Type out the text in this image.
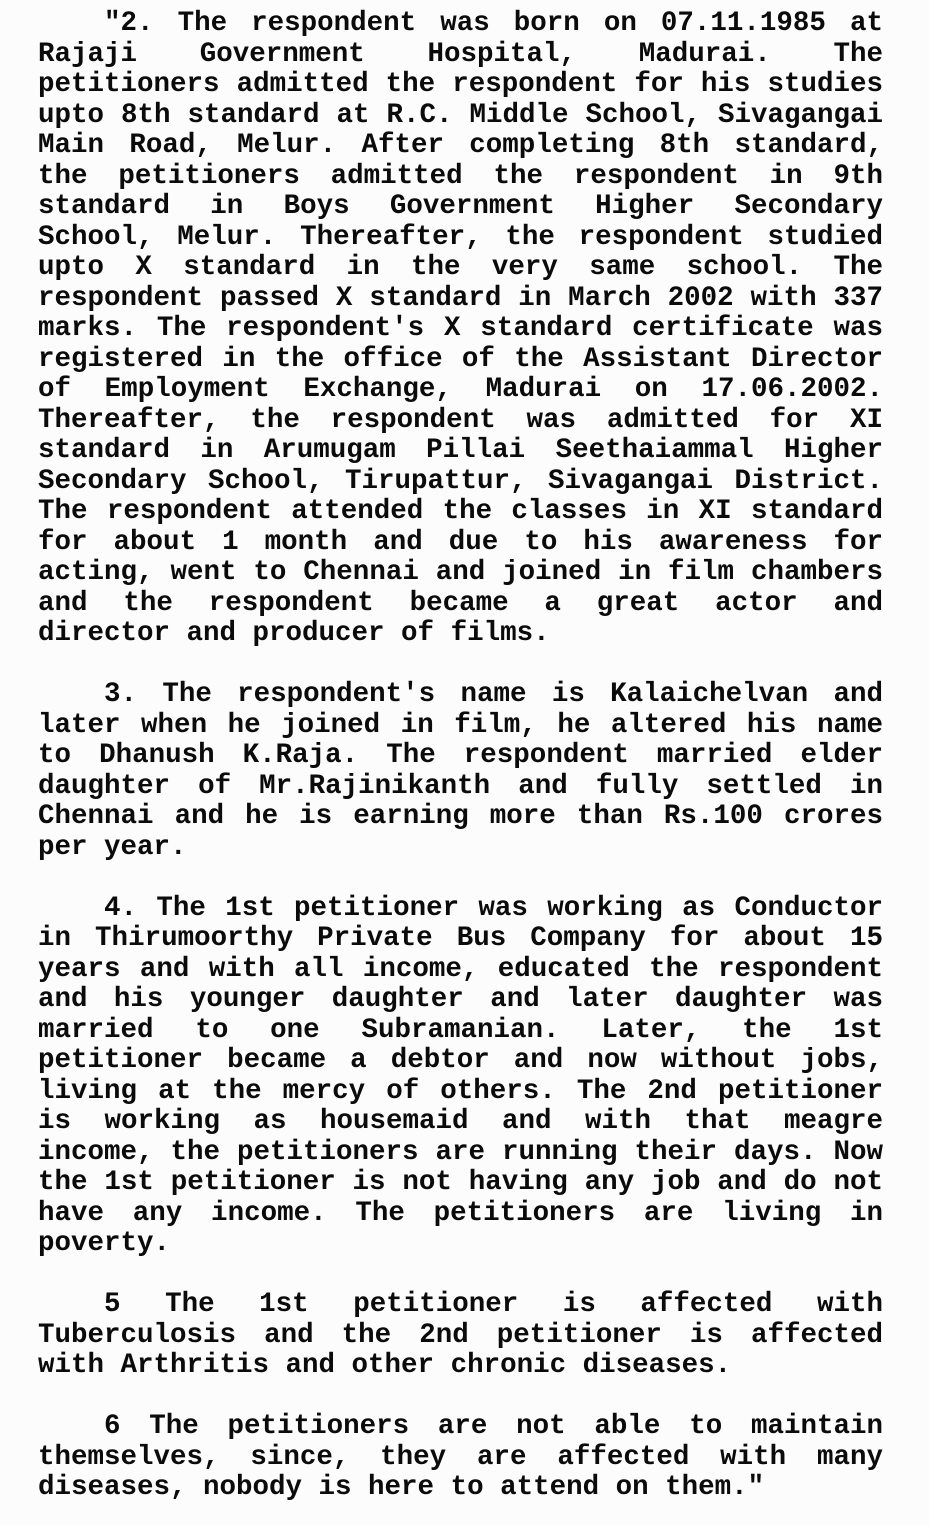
"2. The respondent was born on 07.11.1985 at Rajaji Government Hospital, Madurai. The petitioners admitted the respondent for his studies upto 8th standard at R.C. Middle School, Sivagangai Main Road, Melur. After completing 8th standard, the petitioners admitted the respondent in 9th standard in Boys Government Higher Secondary School, Melur. Thereafter, the respondent studied upto X standard in the very same school. The respondent passed X standard in March 2002 with 337 marks. The respondent's X standard certificate was registered in the office of the Assistant Director of Employment Exchange, Madurai on 17.06.2002. Thereafter, the respondent was admitted for XI standard in Arumugam Pillai Seethaiammal Higher Secondary School, Tirupattur, Sivagangai District. The respondent attended the classes in XI standard for about 1 month and due to his awareness for acting, went to Chennai and joined in film chambers and the respondent became a great actor and director and producer of films.

3. The respondent's name is Kalaichelvan and later when he joined in film, he altered his name to Dhanush K.Raja. The respondent married elder daughter of Mr.Rajinikanth and fully settled in Chennai and he is earning more than Rs.100 crores per year.

4. The 1st petitioner was working as Conductor in Thirumoorthy Private Bus Company for about 15 years and with all income, educated the respondent and his younger daughter and later daughter was married to one Subramanian. Later, the 1st petitioner became a debtor and now without jobs, living at the mercy of others. The 2nd petitioner is working as housemaid and with that meagre income, the petitioners are running their days. Now the 1st petitioner is not having any job and do not have any income. The petitioners are living in poverty.

5 The 1st petitioner is affected with Tuberculosis and the 2nd petitioner is affected with Arthritis and other chronic diseases.

6 The petitioners are not able to maintain themselves, since, they are affected with many diseases, nobody is here to attend on them."
